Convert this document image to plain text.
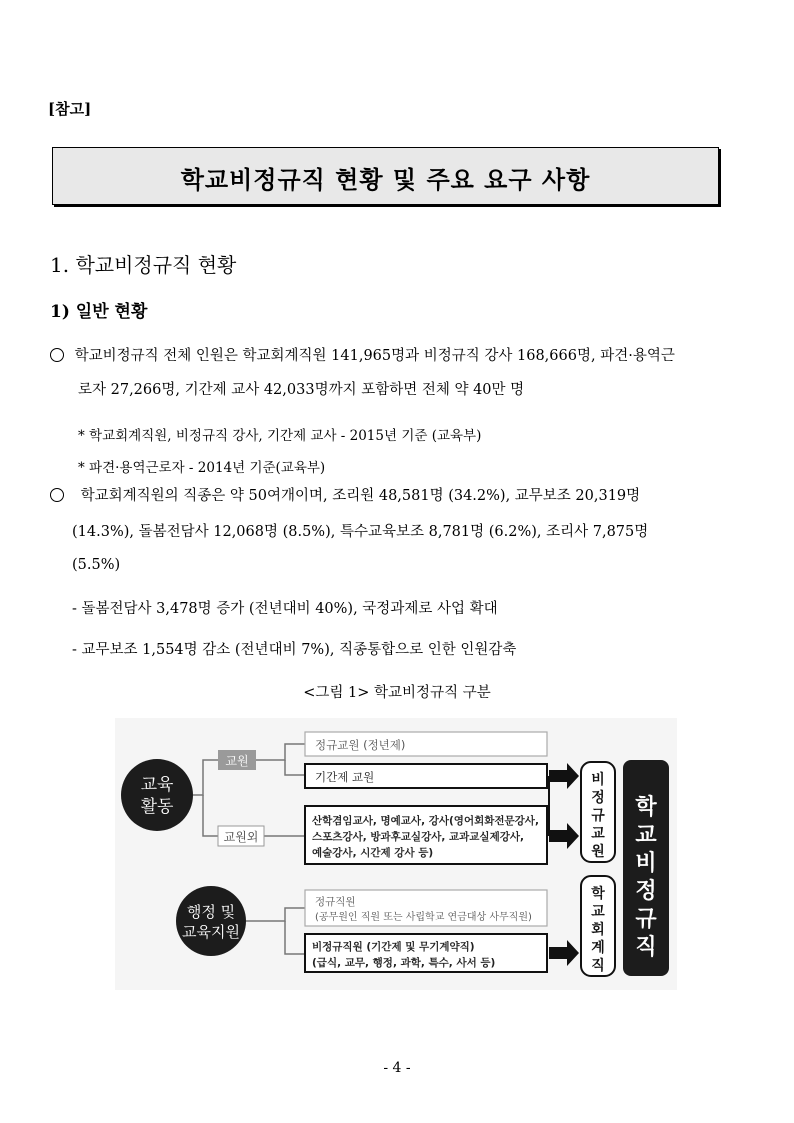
[참고]
학교비정규직 현황 및 주요 요구 사항
1. 학교비정규직 현황
1) 일반 현황
학교비정규직 전체 인원은 학교회계직원 141,965명과 비정규직 강사 168,666명, 파견·용역근
로자 27,266명, 기간제 교사 42,033명까지 포함하면 전체 약 40만 명
* 학교회계직원, 비정규직 강사, 기간제 교사 - 2015년 기준 (교육부)
* 파견·용역근로자 - 2014년 기준(교육부)
학교회계직원의 직종은 약 50여개이며, 조리원 48,581명 (34.2%), 교무보조 20,319명
(14.3%), 돌봄전담사 12,068명 (8.5%), 특수교육보조 8,781명 (6.2%), 조리사 7,875명
(5.5%)
- 돌봄전담사 3,478명 증가 (전년대비 40%), 국정과제로 사업 확대
- 교무보조 1,554명 감소 (전년대비 7%), 직종통합으로 인한 인원감축
<그림 1> 학교비정규직 구분
교육
활동
행정 및
교육지원
교원
교원외
정규교원 (정년제)
기간제 교원
산학겸임교사, 명예교사, 강사(영어회화전문강사,
스포츠강사, 방과후교실강사, 교과교실제강사,
예술강사, 시간제 강사 등)
정규직원
(공무원인 직원 또는 사립학교 연금대상 사무직원)
비정규직원 (기간제 및 무기계약직)
(급식, 교무, 행정, 과학, 특수, 사서 등)
비
정
규
교
원
학
교
회
계
직
학
교
비
정
규
직
- 4 -
